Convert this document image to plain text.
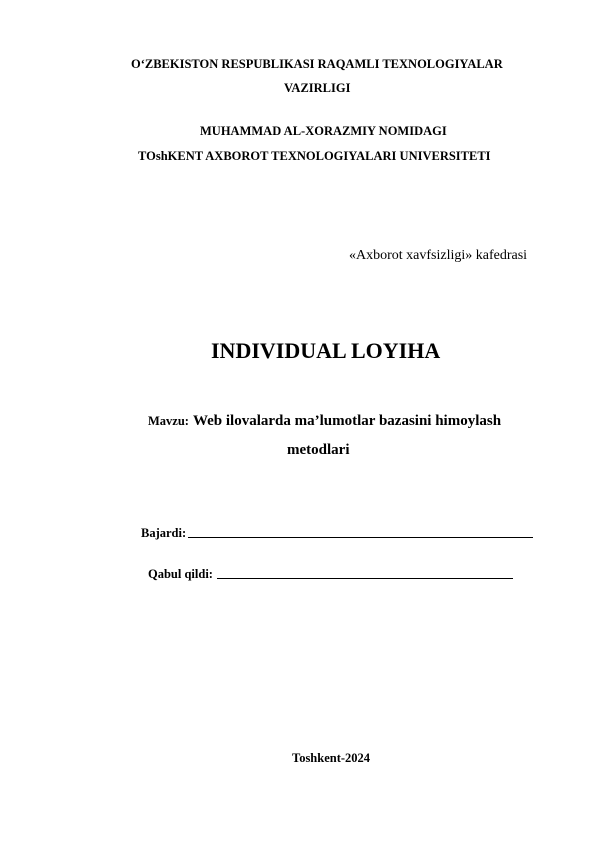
O‘ZBEKISTON RESPUBLIKASI RAQAMLI TEXNOLOGIYALAR
VAZIRLIGI
MUHAMMAD AL-XORAZMIY NOMIDAGI
TOshKENT AXBOROT TEXNOLOGIYALARI UNIVERSITETI
«Axborot xavfsizligi» kafedrasi
INDIVIDUAL LOYIHA
Mavzu: Web ilovalarda ma’lumotlar bazasini himoylash
metodlari
Bajardi:
Qabul qildi:
Toshkent-2024
